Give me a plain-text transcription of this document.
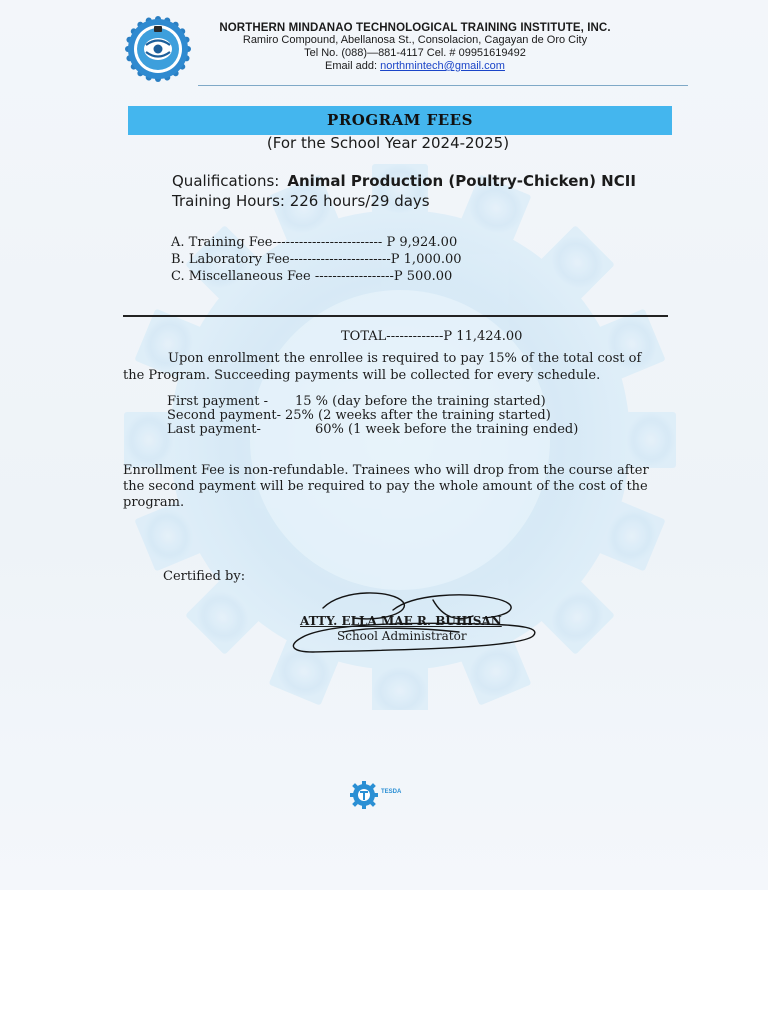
NORTHERN MINDANAO TECHNOLOGICAL TRAINING INSTITUTE, INC.
Ramiro Compound, Abellanosa St., Consolacion, Cagayan de Oro City
Tel No. (088)—881-4117 Cel. # 09951619492
Email add: northmintech@gmail.com
PROGRAM FEES
(For the School Year 2024-2025)
Qualifications: Animal Production (Poultry-Chicken) NCII
Training Hours: 226 hours/29 days
A. Training Fee------------------------- P 9,924.00
B. Laboratory Fee-----------------------P 1,000.00
C. Miscellaneous Fee ------------------P 500.00
TOTAL-------------P 11,424.00
Upon enrollment the enrollee is required to pay 15% of the total cost of the Program. Succeeding payments will be collected for every schedule.
First payment -	15 % (day before the training started)
Second payment-	25% (2 weeks after the training started)
Last payment-	60% (1 week before the training ended)
Enrollment Fee is non-refundable. Trainees who will drop from the course after the second payment will be required to pay the whole amount of the cost of the program.
Certified by:
ATTY. ELLA MAE R. BUHISAN
School Administrator
TESDA
